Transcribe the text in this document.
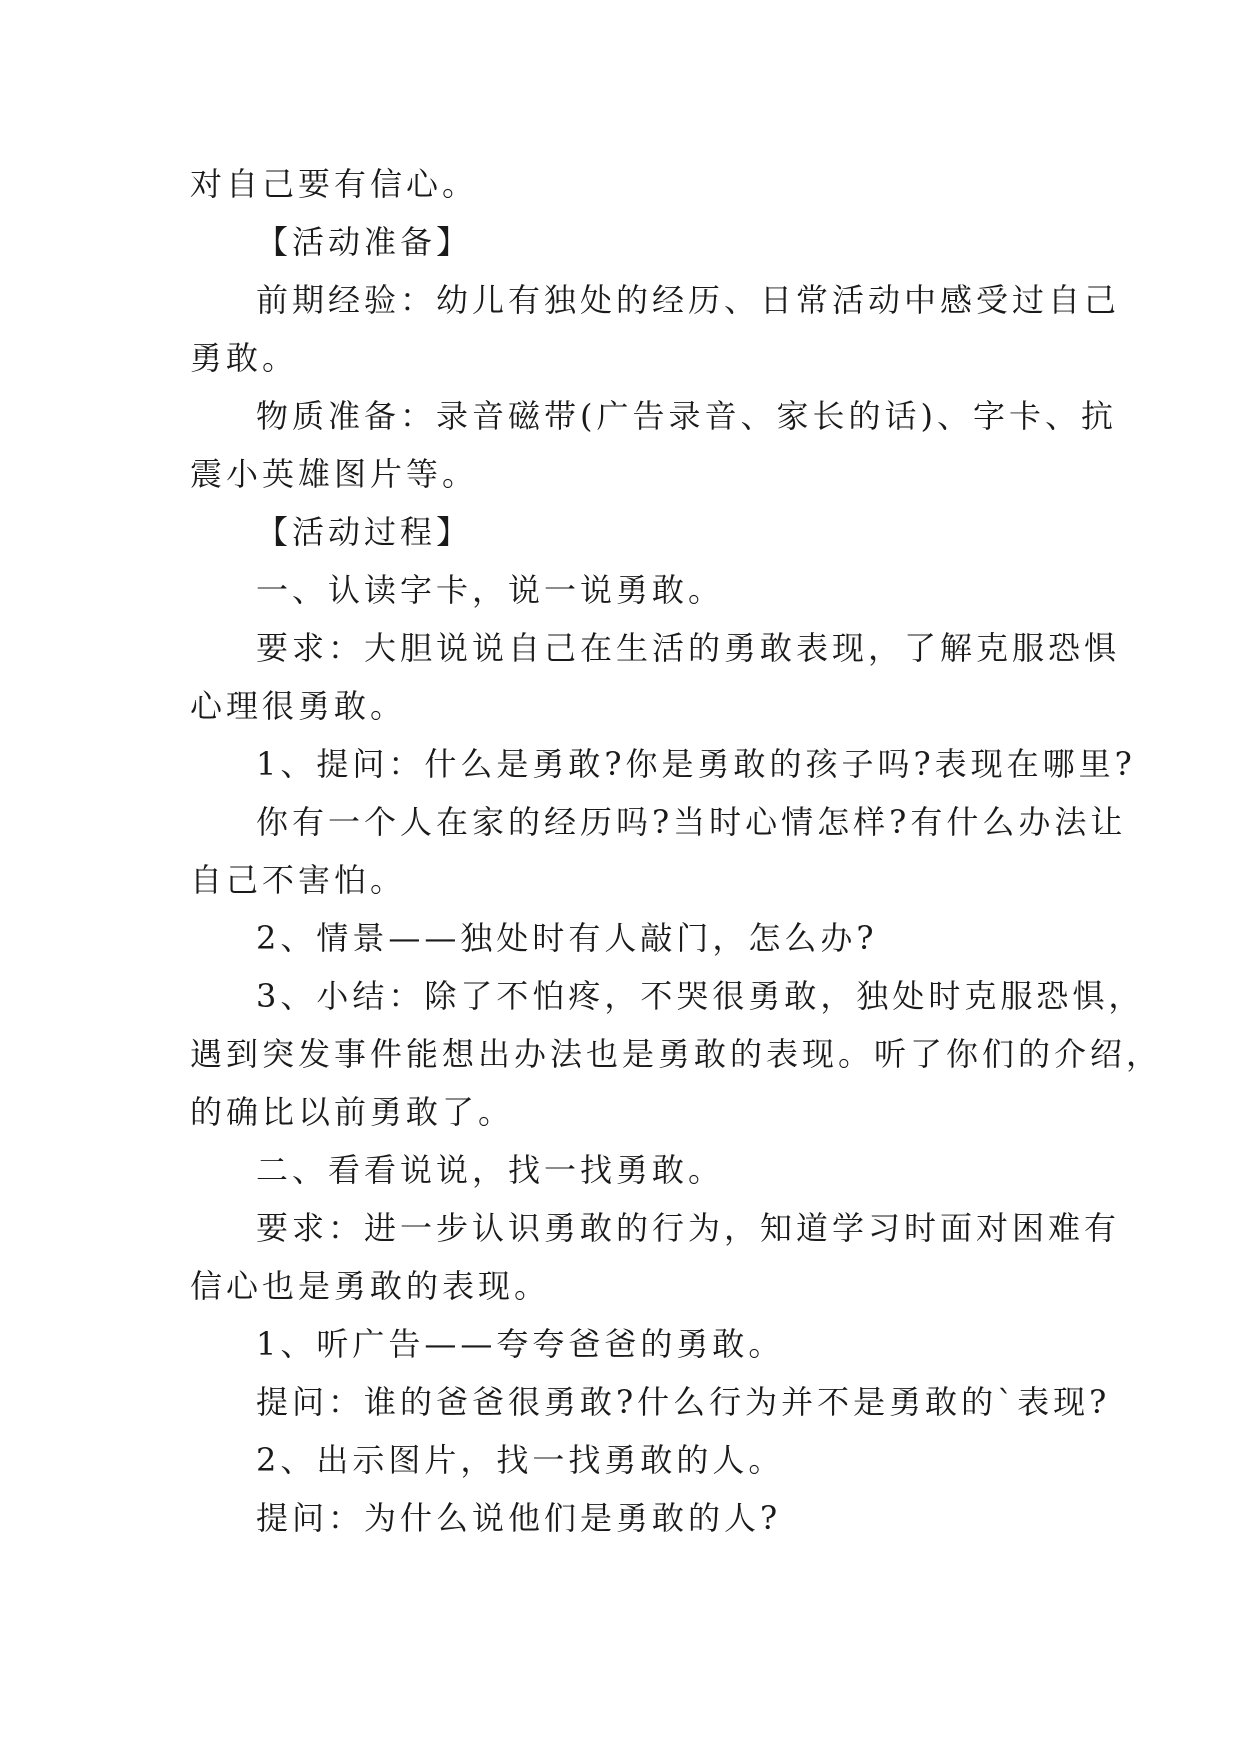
对自己要有信心。
【活动准备】
前期经验：幼儿有独处的经历、日常活动中感受过自己
勇敢。
物质准备：录音磁带(广告录音、家长的话)、字卡、抗
震小英雄图片等。
【活动过程】
一、认读字卡，说一说勇敢。
要求：大胆说说自己在生活的勇敢表现，了解克服恐惧
心理很勇敢。
1、提问：什么是勇敢?你是勇敢的孩子吗?表现在哪里?
你有一个人在家的经历吗?当时心情怎样?有什么办法让
自己不害怕。
2、情景——独处时有人敲门，怎么办?
3、小结：除了不怕疼，不哭很勇敢，独处时克服恐惧，
遇到突发事件能想出办法也是勇敢的表现。听了你们的介绍，
的确比以前勇敢了。
二、看看说说，找一找勇敢。
要求：进一步认识勇敢的行为，知道学习时面对困难有
信心也是勇敢的表现。
1、听广告——夸夸爸爸的勇敢。
提问：谁的爸爸很勇敢?什么行为并不是勇敢的`表现?
2、出示图片，找一找勇敢的人。
提问：为什么说他们是勇敢的人?
